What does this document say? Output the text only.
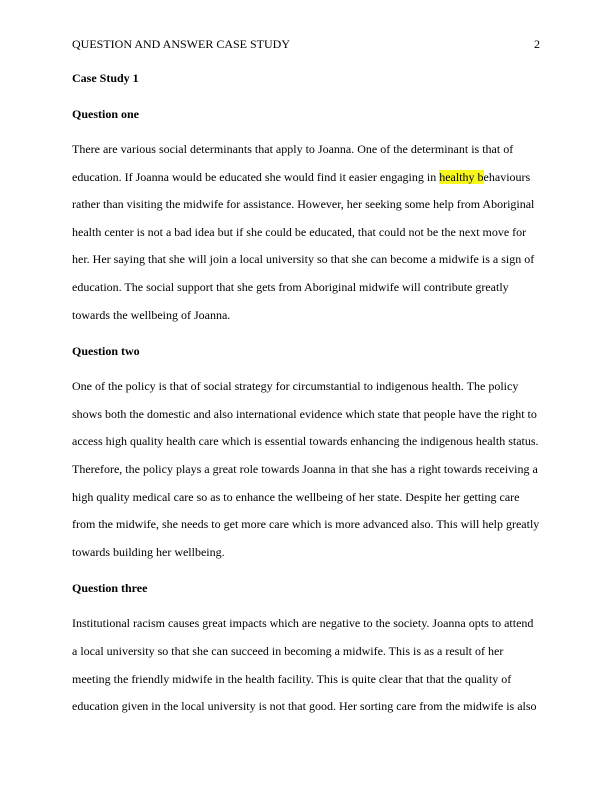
QUESTION AND ANSWER CASE STUDY	2
Case Study 1
Question one
There are various social determinants that apply to Joanna. One of the determinant is that of
education. If Joanna would be educated she would find it easier engaging in healthy behaviours
rather than visiting the midwife for assistance. However, her seeking some help from Aboriginal
health center is not a bad idea but if she could be educated, that could not be the next move for
her. Her saying that she will join a local university so that she can become a midwife is a sign of
education. The social support that she gets from Aboriginal midwife will contribute greatly
towards the wellbeing of Joanna.
Question two
One of the policy is that of social strategy for circumstantial to indigenous health. The policy
shows both the domestic and also international evidence which state that people have the right to
access high quality health care which is essential towards enhancing the indigenous health status.
Therefore, the policy plays a great role towards Joanna in that she has a right towards receiving a
high quality medical care so as to enhance the wellbeing of her state. Despite her getting care
from the midwife, she needs to get more care which is more advanced also. This will help greatly
towards building her wellbeing.
Question three
Institutional racism causes great impacts which are negative to the society. Joanna opts to attend
a local university so that she can succeed in becoming a midwife. This is as a result of her
meeting the friendly midwife in the health facility. This is quite clear that that the quality of
education given in the local university is not that good. Her sorting care from the midwife is also
